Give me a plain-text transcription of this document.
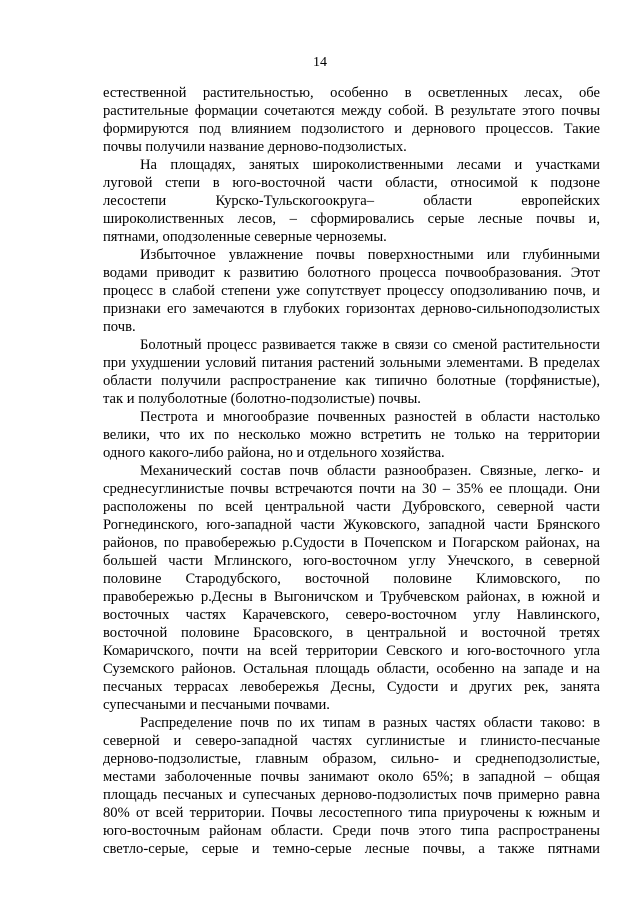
14
естественной растительностью, особенно в осветленных лесах, обе
растительные формации сочетаются между собой. В результате этого почвы
формируются под влиянием подзолистого и дернового процессов. Такие
почвы получили название дерново-подзолистых.
На площадях, занятых широколиственными лесами и участками
луговой степи в юго-восточной части области, относимой к подзоне
лесостепи Курско-Тульскогоокруга– области европейских
широколиственных лесов, – сформировались серые лесные почвы и,
пятнами, оподзоленные северные черноземы.
Избыточное увлажнение почвы поверхностными или глубинными
водами приводит к развитию болотного процесса почвообразования. Этот
процесс в слабой степени уже сопутствует процессу оподзоливанию почв, и
признаки его замечаются в глубоких горизонтах дерново-сильноподзолистых
почв.
Болотный процесс развивается также в связи со сменой растительности
при ухудшении условий питания растений зольными элементами. В пределах
области получили распространение как типично болотные (торфянистые),
так и полуболотные (болотно-подзолистые) почвы.
Пестрота и многообразие почвенных разностей в области настолько
велики, что их по несколько можно встретить не только на территории
одного какого-либо района, но и отдельного хозяйства.
Механический состав почв области разнообразен. Связные, легко- и
среднесуглинистые почвы встречаются почти на 30 – 35% ее площади. Они
расположены по всей центральной части Дубровского, северной части
Рогнединского, юго-западной части Жуковского, западной части Брянского
районов, по правобережью р.Судости в Почепском и Погарском районах, на
большей части Мглинского, юго-восточном углу Унечского, в северной
половине Стародубского, восточной половине Климовского, по
правобережью р.Десны в Выгоничском и Трубчевском районах, в южной и
восточных частях Карачевского, северо-восточном углу Навлинского,
восточной половине Брасовского, в центральной и восточной третях
Комаричского, почти на всей территории Севского и юго-восточного угла
Суземского районов. Остальная площадь области, особенно на западе и на
песчаных террасах левобережья Десны, Судости и других рек, занята
супесчаными и песчаными почвами.
Распределение почв по их типам в разных частях области таково: в
северной и северо-западной частях суглинистые и глинисто-песчаные
дерново-подзолистые, главным образом, сильно- и среднеподзолистые,
местами заболоченные почвы занимают около 65%; в западной – общая
площадь песчаных и супесчаных дерново-подзолистых почв примерно равна
80% от всей территории. Почвы лесостепного типа приурочены к южным и
юго-восточным районам области. Среди почв этого типа распространены
светло-серые, серые и темно-серые лесные почвы, а также пятнами
